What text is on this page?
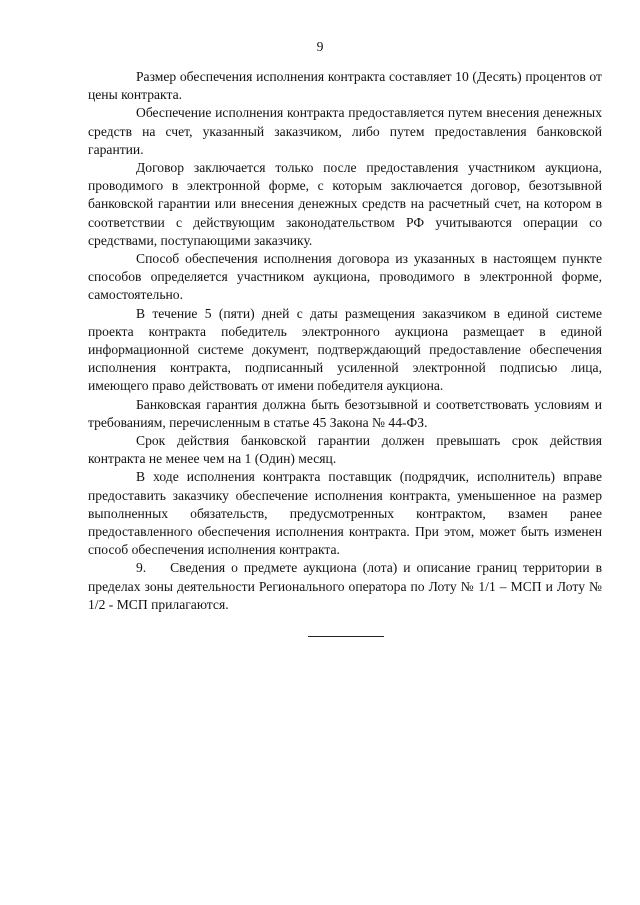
9

Размер обеспечения исполнения контракта составляет 10 (Десять) процентов от цены контракта.

Обеспечение исполнения контракта предоставляется путем внесения денежных средств на счет, указанный заказчиком, либо путем предоставления банковской гарантии.

Договор заключается только после предоставления участником аукциона, проводимого в электронной форме, с которым заключается договор, безотзывной банковской гарантии или внесения денежных средств на расчетный счет, на котором в соответствии с действующим законодательством РФ учитываются операции со средствами, поступающими заказчику.

Способ обеспечения исполнения договора из указанных в настоящем пункте способов определяется участником аукциона, проводимого в электронной форме, самостоятельно.

В течение 5 (пяти) дней с даты размещения заказчиком в единой системе проекта контракта победитель электронного аукциона размещает в единой информационной системе документ, подтверждающий предоставление обеспечения исполнения контракта, подписанный усиленной электронной подписью лица, имеющего право действовать от имени победителя аукциона.

Банковская гарантия должна быть безотзывной и соответствовать условиям и требованиям, перечисленным в статье 45 Закона № 44-ФЗ.

Срок действия банковской гарантии должен превышать срок действия контракта не менее чем на 1 (Один) месяц.

В ходе исполнения контракта поставщик (подрядчик, исполнитель) вправе предоставить заказчику обеспечение исполнения контракта, уменьшенное на размер выполненных обязательств, предусмотренных контрактом, взамен ранее предоставленного обеспечения исполнения контракта. При этом, может быть изменен способ обеспечения исполнения контракта.

9.    Сведения о предмете аукциона (лота) и описание границ территории в пределах зоны деятельности Регионального оператора по Лоту № 1/1 – МСП и Лоту № 1/2 - МСП прилагаются.
